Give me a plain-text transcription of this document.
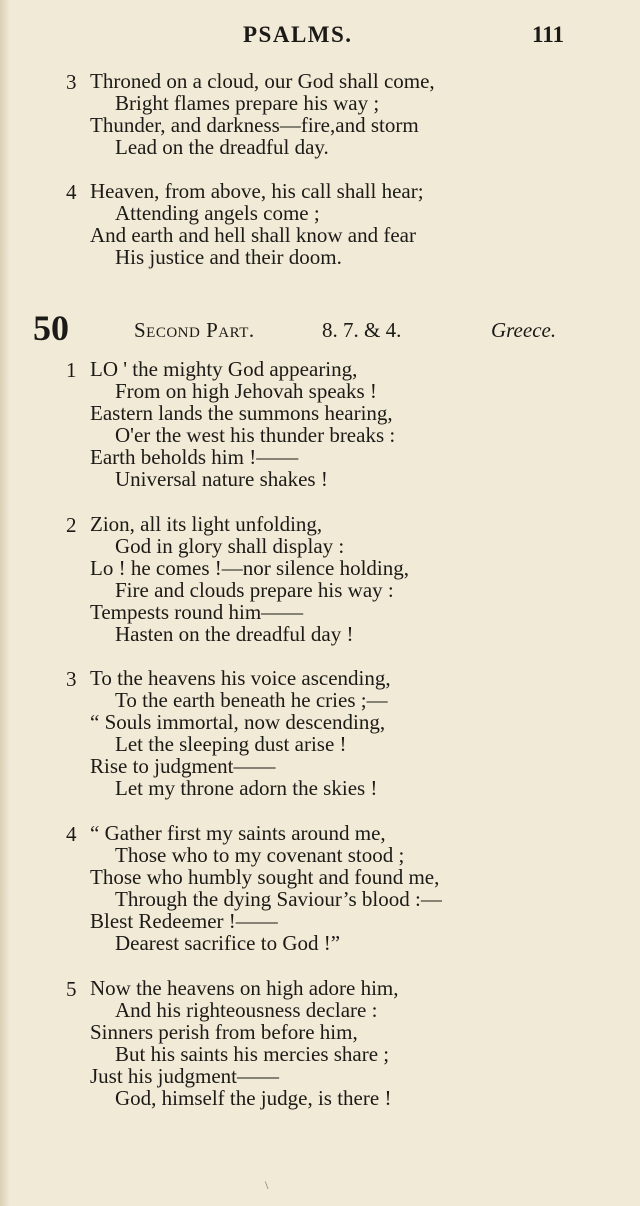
PSALMS.	111
3 Throned on a cloud, our God shall come,
Bright flames prepare his way ;
Thunder, and darkness—fire,and storm
Lead on the dreadful day.
4 Heaven, from above, his call shall hear;
Attending angels come ;
And earth and hell shall know and fear
His justice and their doom.
50	Second Part.	8. 7. & 4.	Greece.
1 LO ' the mighty God appearing,
From on high Jehovah speaks !
Eastern lands the summons hearing,
O'er the west his thunder breaks :
Earth beholds him !——
Universal nature shakes !
2 Zion, all its light unfolding,
God in glory shall display :
Lo ! he comes !—nor silence holding,
Fire and clouds prepare his way :
Tempests round him——
Hasten on the dreadful day !
3 To the heavens his voice ascending,
To the earth beneath he cries ;—
“ Souls immortal, now descending,
Let the sleeping dust arise !
Rise to judgment——
Let my throne adorn the skies !
4 “ Gather first my saints around me,
Those who to my covenant stood ;
Those who humbly sought and found me,
Through the dying Saviour’s blood :—
Blest Redeemer !——
Dearest sacrifice to God !”
5 Now the heavens on high adore him,
And his righteousness declare :
Sinners perish from before him,
But his saints his mercies share ;
Just his judgment——
God, himself the judge, is there !
\
